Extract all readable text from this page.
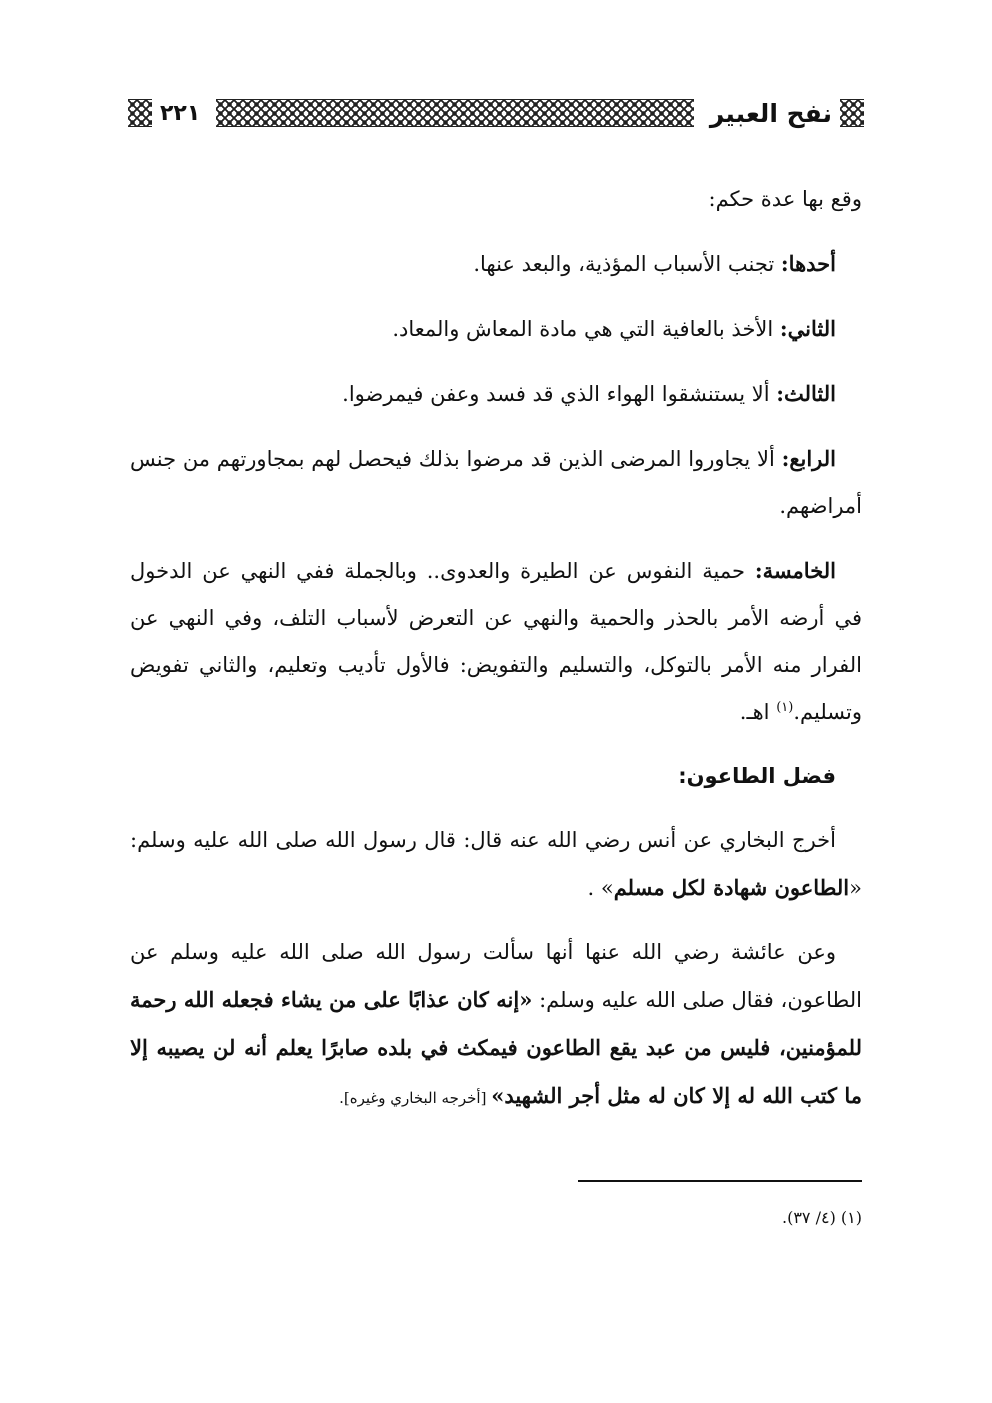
نفح العبير
٢٢١

وقع بها عدة حكم:

أحدها: تجنب الأسباب المؤذية، والبعد عنها.

الثاني: الأخذ بالعافية التي هي مادة المعاش والمعاد.

الثالث: ألا يستنشقوا الهواء الذي قد فسد وعفن فيمرضوا.

الرابع: ألا يجاوروا المرضى الذين قد مرضوا بذلك فيحصل لهم بمجاورتهم من جنس أمراضهم.

الخامسة: حمية النفوس عن الطيرة والعدوى.. وبالجملة ففي النهي عن الدخول في أرضه الأمر بالحذر والحمية والنهي عن التعرض لأسباب التلف، وفي النهي عن الفرار منه الأمر بالتوكل، والتسليم والتفويض: فالأول تأديب وتعليم، والثاني تفويض وتسليم.$^{(١)}$ اهـ.

فضل الطاعون:

أخرج البخاري عن أنس رضي الله عنه قال: قال رسول الله صلى الله عليه وسلم: «الطاعون شهادة لكل مسلم» .

وعن عائشة رضي الله عنها أنها سألت رسول الله صلى الله عليه وسلم عن الطاعون، فقال صلى الله عليه وسلم: «إنه كان عذابًا على من يشاء فجعله الله رحمة للمؤمنين، فليس من عبد يقع الطاعون فيمكث في بلده صابرًا يعلم أنه لن يصيبه إلا ما كتب الله له إلا كان له مثل أجر الشهيد» [أخرجه البخاري وغيره].

(١) (٤/ ٣٧).
